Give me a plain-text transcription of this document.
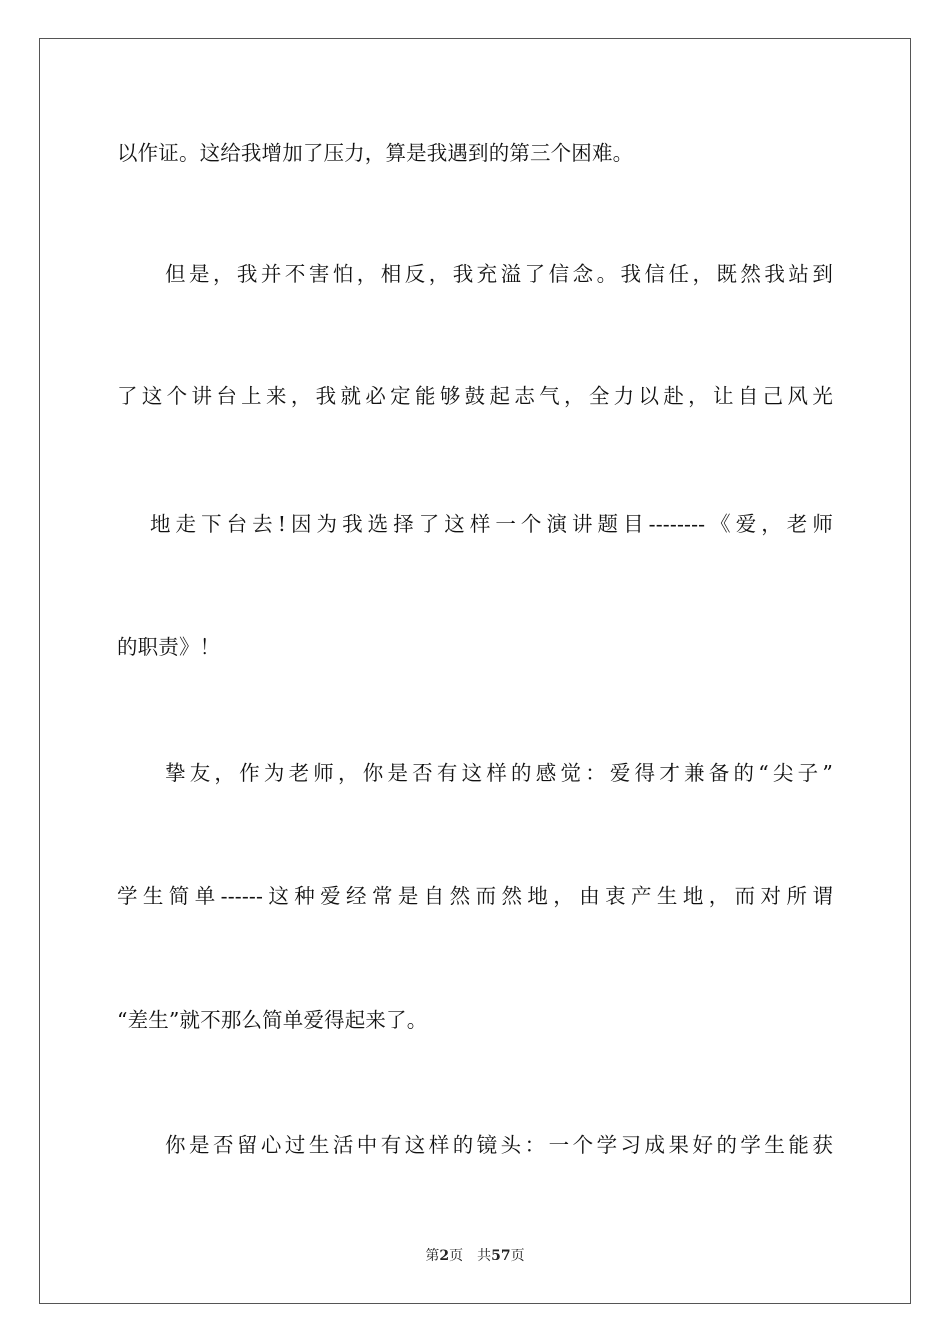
以作证。这给我增加了压力，算是我遇到的第三个困难。
但是，我并不害怕，相反，我充溢了信念。我信任，既然我站到
了这个讲台上来，我就必定能够鼓起志气，全力以赴，让自己风光
地走下台去!因为我选择了这样一个演讲题目--------《爱，老师
的职责》！
挚友，作为老师，你是否有这样的感觉：爱得才兼备的“尖子”
学生简单------这种爱经常是自然而然地，由衷产生地，而对所谓
“差生”就不那么简单爱得起来了。
你是否留心过生活中有这样的镜头：一个学习成果好的学生能获
第2页 共57页
